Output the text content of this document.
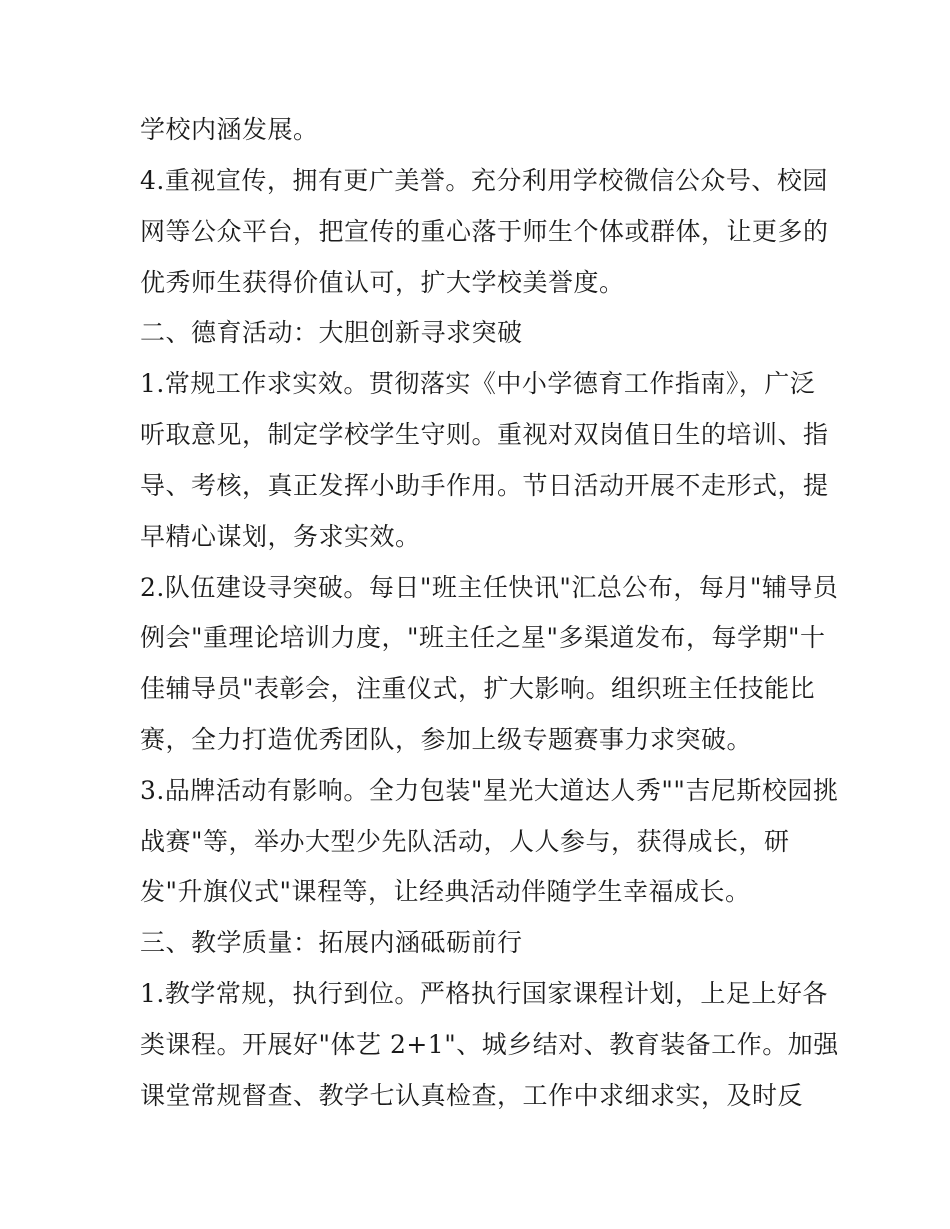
学校内涵发展。
4.重视宣传，拥有更广美誉。充分利用学校微信公众号、校园
网等公众平台，把宣传的重心落于师生个体或群体，让更多的
优秀师生获得价值认可，扩大学校美誉度。
二、德育活动：大胆创新寻求突破
1.常规工作求实效。贯彻落实《中小学德育工作指南》，广泛
听取意见，制定学校学生守则。重视对双岗值日生的培训、指
导、考核，真正发挥小助手作用。节日活动开展不走形式，提
早精心谋划，务求实效。
2.队伍建设寻突破。每日"班主任快讯"汇总公布，每月"辅导员
例会"重理论培训力度，"班主任之星"多渠道发布，每学期"十
佳辅导员"表彰会，注重仪式，扩大影响。组织班主任技能比
赛，全力打造优秀团队，参加上级专题赛事力求突破。
3.品牌活动有影响。全力包装"星光大道达人秀""吉尼斯校园挑
战赛"等，举办大型少先队活动，人人参与，获得成长，研
发"升旗仪式"课程等，让经典活动伴随学生幸福成长。
三、教学质量：拓展内涵砥砺前行
1.教学常规，执行到位。严格执行国家课程计划，上足上好各
类课程。开展好"体艺 2+1"、城乡结对、教育装备工作。加强
课堂常规督查、教学七认真检查，工作中求细求实，及时反
